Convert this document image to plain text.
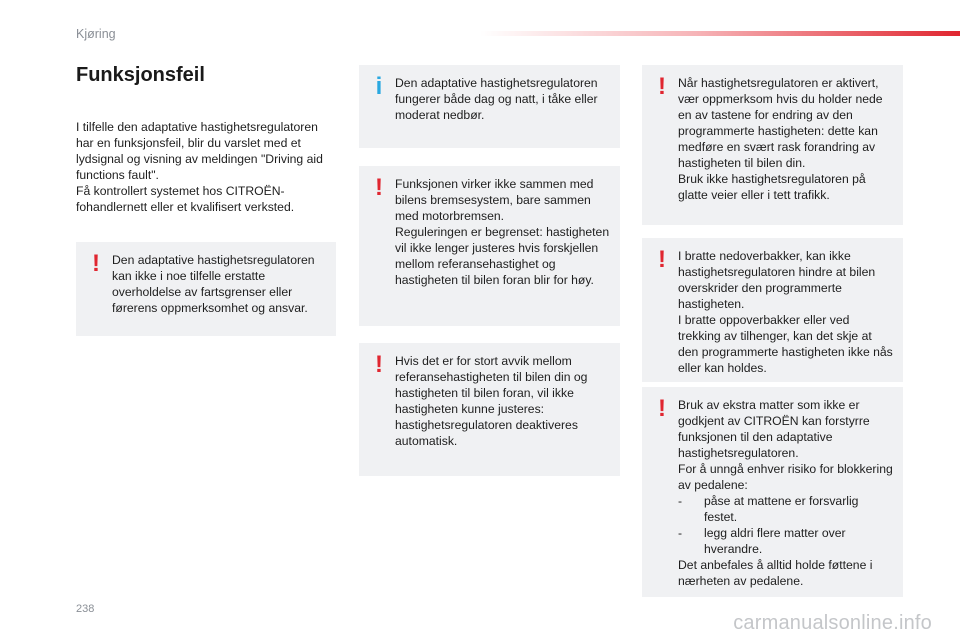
Kjøring
Funksjonsfeil

I tilfelle den adaptative hastighetsregulatoren har en funksjonsfeil, blir du varslet med et lydsignal og visning av meldingen "Driving aid functions fault".

Få kontrollert systemet hos CITROËN-fohandlernett eller et kvalifisert verksted.

! Den adaptative hastighetsregulatoren kan ikke i noe tilfelle erstatte overholdelse av fartsgrenser eller førerens oppmerksomhet og ansvar.

i	Den adaptative hastighetsregulatoren fungerer både dag og natt, i tåke eller moderat nedbør.

! Funksjonen virker ikke sammen med bilens bremsesystem, bare sammen med motorbremsen.

Reguleringen er begrenset: hastigheten vil ikke lenger justeres hvis forskjellen mellom referansehastighet og hastigheten til bilen foran blir for høy.

! Hvis det er for stort avvik mellom referansehastigheten til bilen din og hastigheten til bilen foran, vil ikke hastigheten kunne justeres: hastighetsregulatoren deaktiveres automatisk.

! Når hastighetsregulatoren er aktivert, vær oppmerksom hvis du holder nede en av tastene for endring av den programmerte hastigheten: dette kan medføre en svært rask forandring av hastigheten til bilen din.

Bruk ikke hastighetsregulatoren på glatte veier eller i tett trafikk.

! I bratte nedoverbakker, kan ikke hastighetsregulatoren hindre at bilen overskrider den programmerte hastigheten.

I bratte oppoverbakker eller ved trekking av tilhenger, kan det skje at den programmerte hastigheten ikke nås eller kan holdes.

! Bruk av ekstra matter som ikke er godkjent av CITROËN kan forstyrre funksjonen til den adaptative hastighetsregulatoren.

For å unngå enhver risiko for blokkering av pedalene:

- påse at mattene er forsvarlig festet.
- legg aldri flere matter over hverandre.

Det anbefales å alltid holde føttene i nærheten av pedalene.

238
carmanualsonline.info
